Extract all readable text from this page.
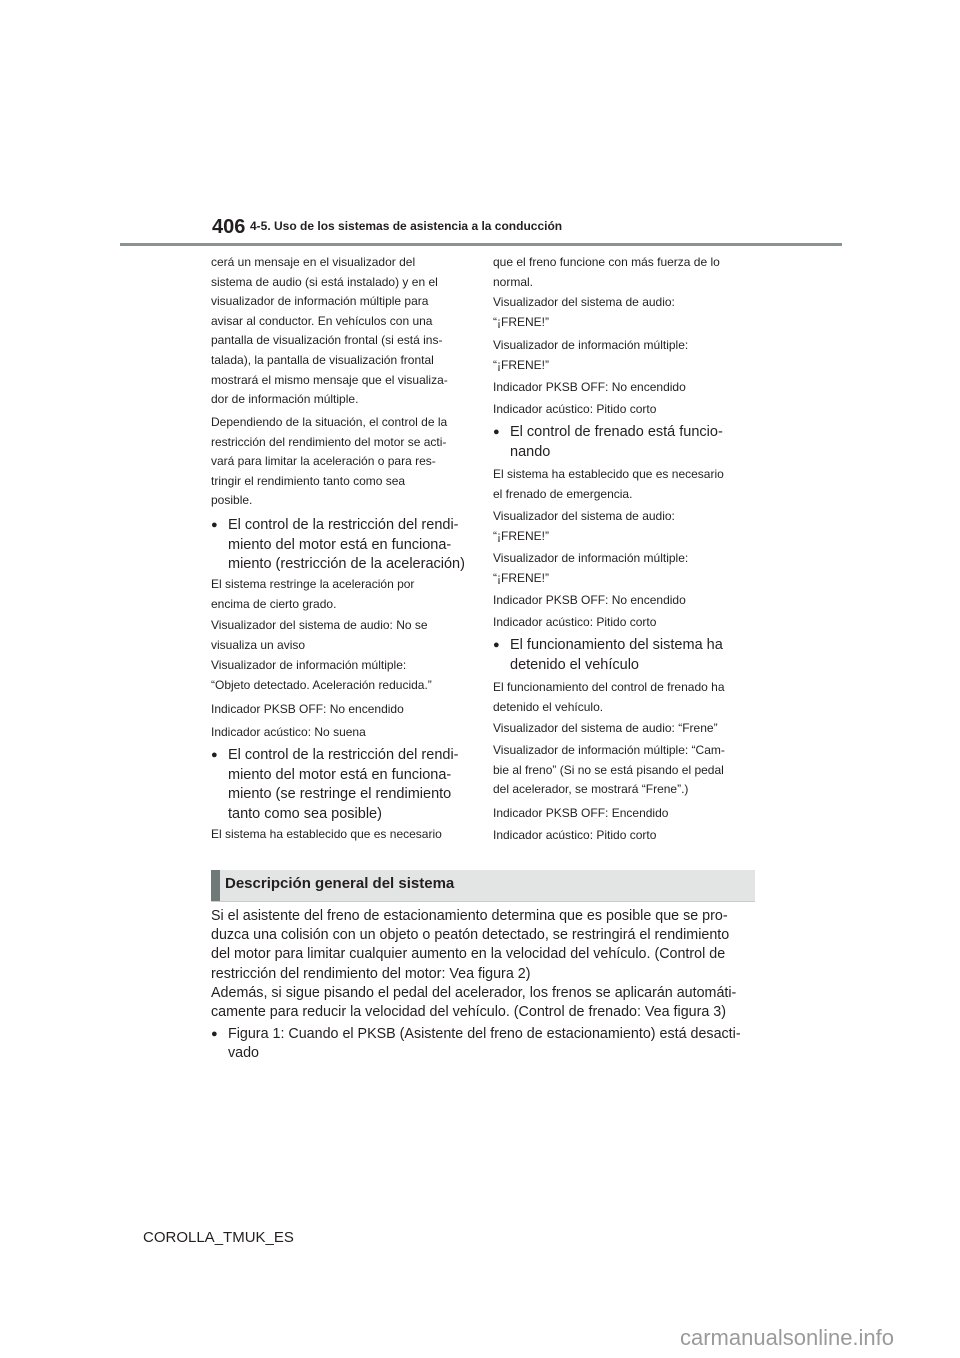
406 4-5. Uso de los sistemas de asistencia a la conducción

cerá un mensaje en el visualizador del
sistema de audio (si está instalado) y en el
visualizador de información múltiple para
avisar al conductor. En vehículos con una
pantalla de visualización frontal (si está ins-
talada), la pantalla de visualización frontal
mostrará el mismo mensaje que el visualiza-
dor de información múltiple.

Dependiendo de la situación, el control de la
restricción del rendimiento del motor se acti-
vará para limitar la aceleración o para res-
tringir el rendimiento tanto como sea
posible.

● El control de la restricción del rendi-
miento del motor está en funciona-
miento (restricción de la aceleración)

El sistema restringe la aceleración por
encima de cierto grado.

Visualizador del sistema de audio: No se
visualiza un aviso

Visualizador de información múltiple:
“Objeto detectado. Aceleración reducida.”

Indicador PKSB OFF: No encendido

Indicador acústico: No suena

● El control de la restricción del rendi-
miento del motor está en funciona-
miento (se restringe el rendimiento
tanto como sea posible)

El sistema ha establecido que es necesario

que el freno funcione con más fuerza de lo
normal.

Visualizador del sistema de audio:
“¡FRENE!”

Visualizador de información múltiple:
“¡FRENE!”

Indicador PKSB OFF: No encendido

Indicador acústico: Pitido corto

● El control de frenado está funcio-
nando

El sistema ha establecido que es necesario
el frenado de emergencia.

Visualizador del sistema de audio:
“¡FRENE!”

Visualizador de información múltiple:
“¡FRENE!”

Indicador PKSB OFF: No encendido

Indicador acústico: Pitido corto

● El funcionamiento del sistema ha
detenido el vehículo

El funcionamiento del control de frenado ha
detenido el vehículo.

Visualizador del sistema de audio: “Frene”

Visualizador de información múltiple: “Cam-
bie al freno” (Si no se está pisando el pedal
del acelerador, se mostrará “Frene”.)

Indicador PKSB OFF: Encendido

Indicador acústico: Pitido corto

Descripción general del sistema

Si el asistente del freno de estacionamiento determina que es posible que se pro-
duzca una colisión con un objeto o peatón detectado, se restringirá el rendimiento
del motor para limitar cualquier aumento en la velocidad del vehículo. (Control de
restricción del rendimiento del motor: Vea figura 2)
Además, si sigue pisando el pedal del acelerador, los frenos se aplicarán automáti-
camente para reducir la velocidad del vehículo. (Control de frenado: Vea figura 3)

● Figura 1: Cuando el PKSB (Asistente del freno de estacionamiento) está desacti-
vado

COROLLA_TMUK_ES
carmanualsonline.info
